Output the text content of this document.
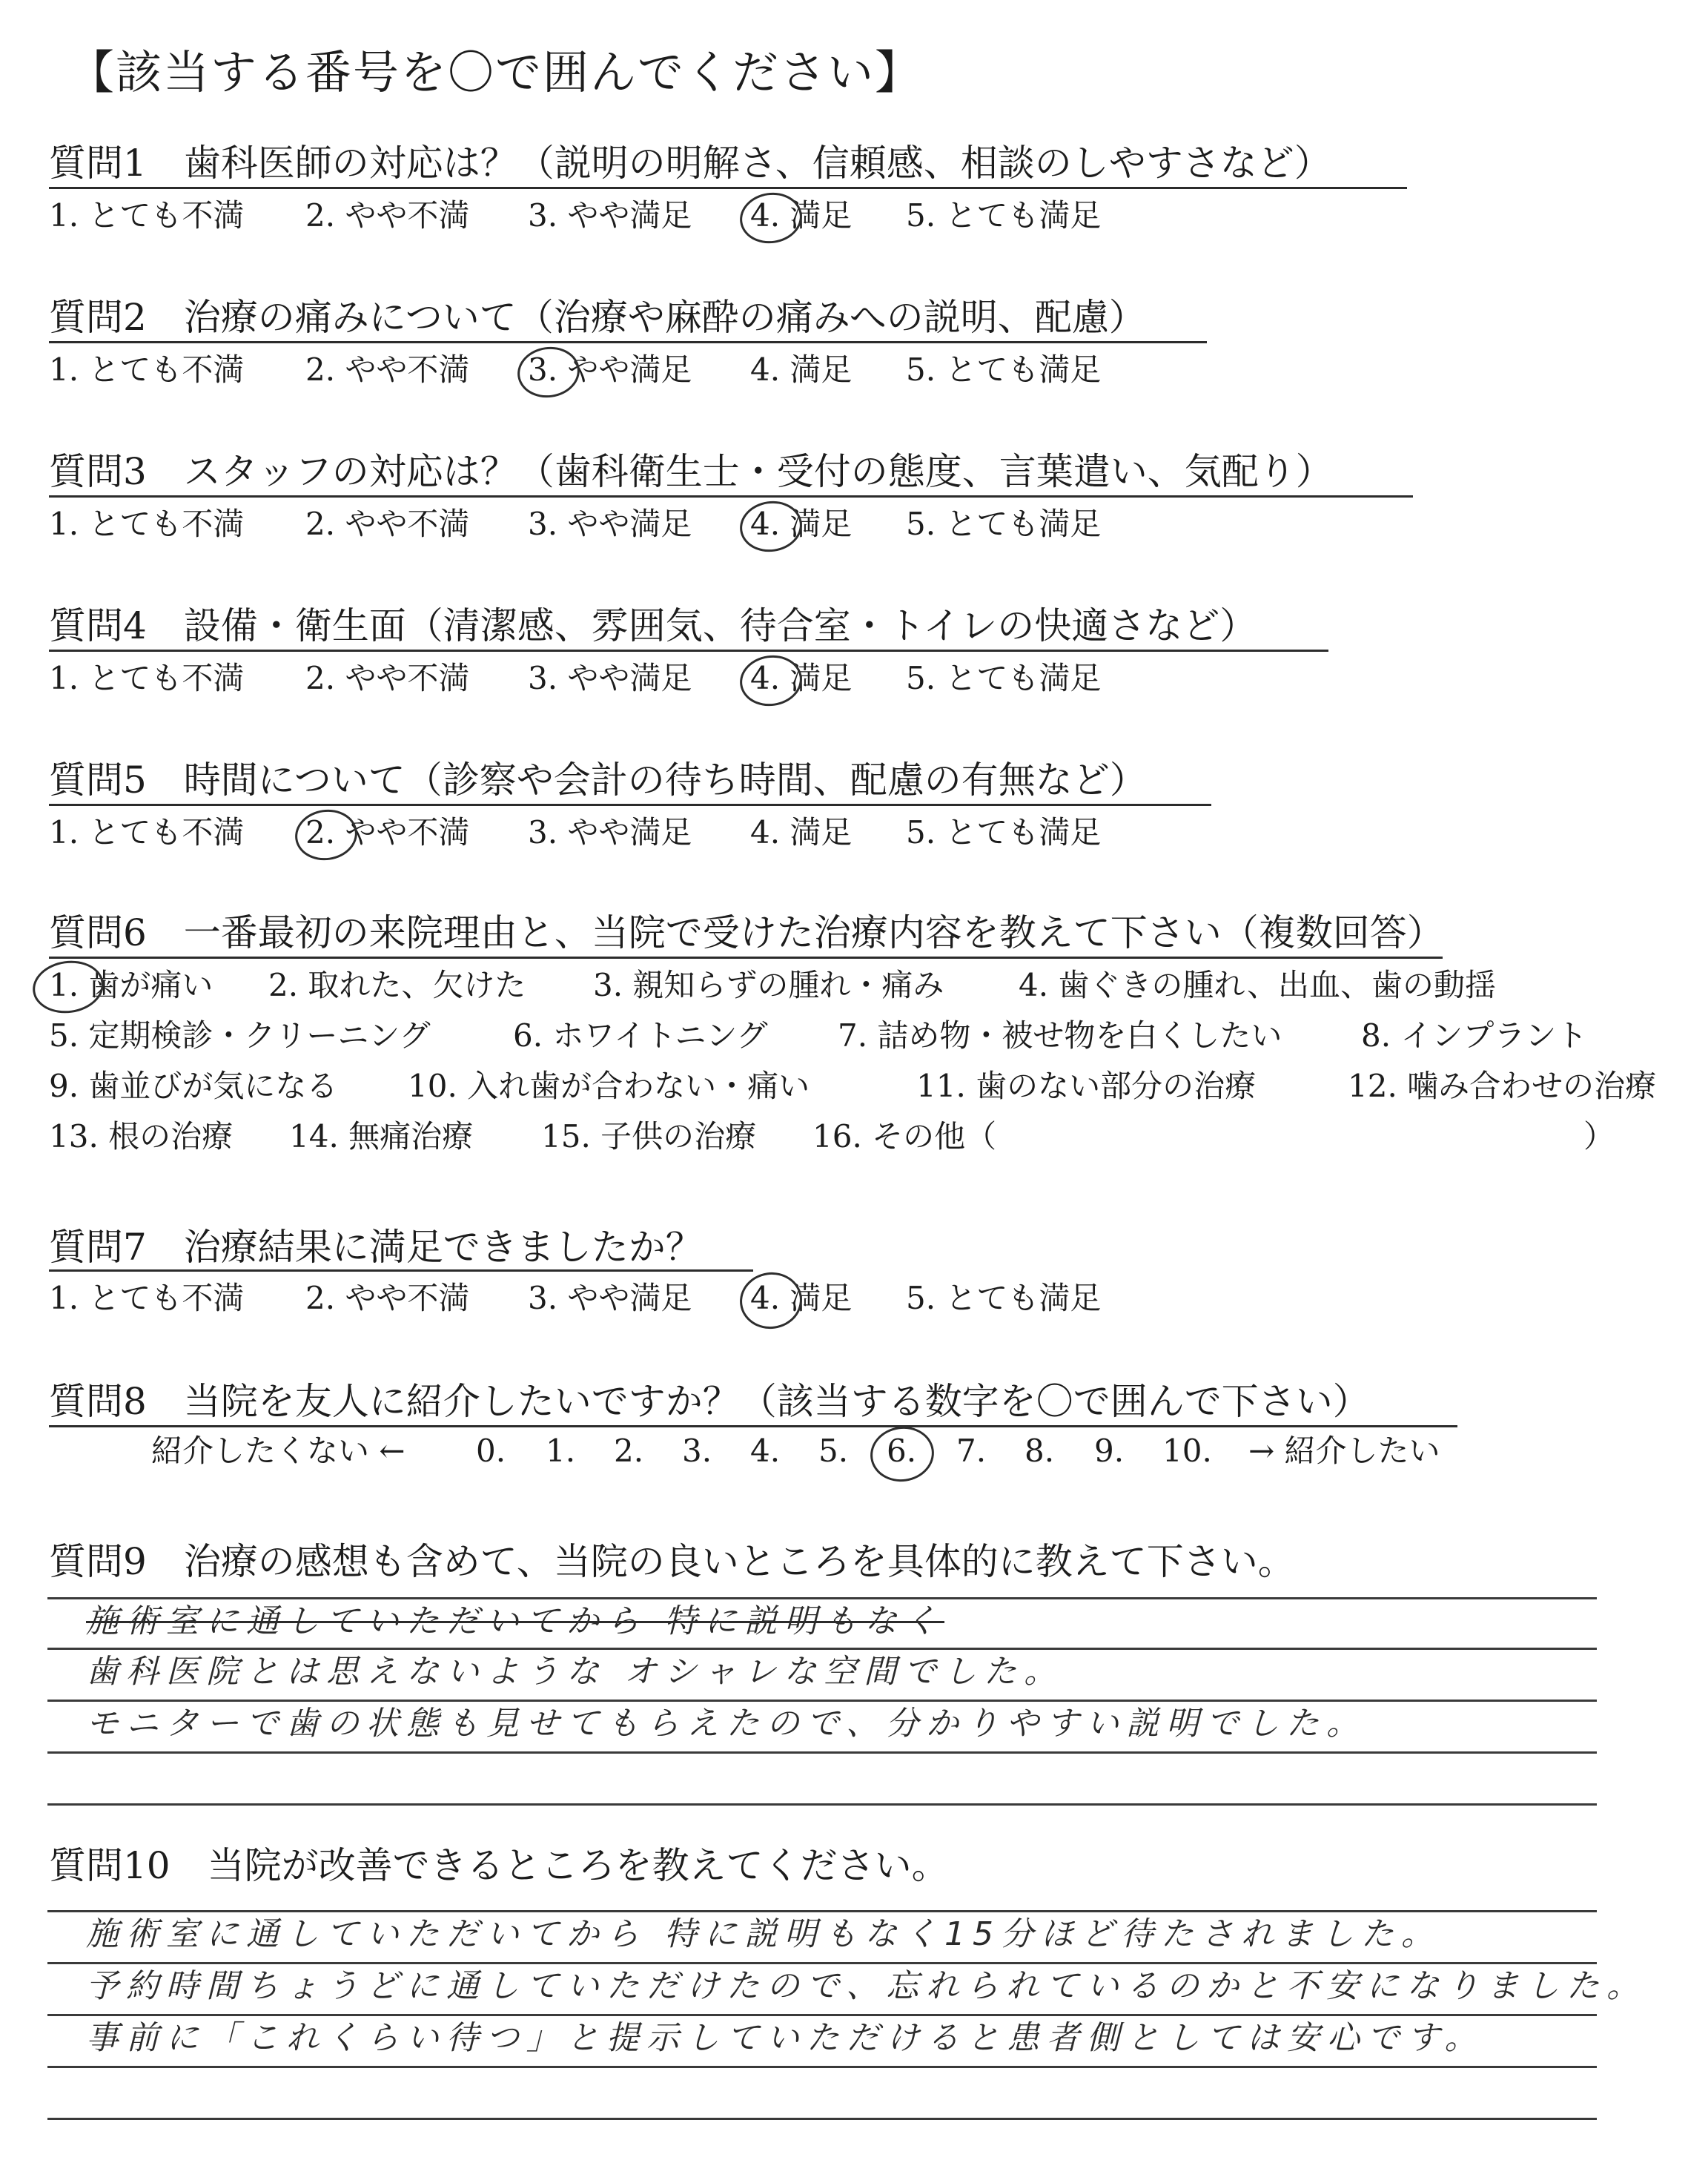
【該当する番号を〇で囲んでください】
質問1　歯科医師の対応は？（説明の明解さ、信頼感、相談のしやすさなど）
1. とても不満 2. やや不満 3. やや満足 4. 満足 5. とても満足
質問2　治療の痛みについて（治療や麻酔の痛みへの説明、配慮）
1. とても不満 2. やや不満 3. やや満足 4. 満足 5. とても満足
質問3　スタッフの対応は？（歯科衛生士・受付の態度、言葉遣い、気配り）
1. とても不満 2. やや不満 3. やや満足 4. 満足 5. とても満足
質問4　設備・衛生面（清潔感、雰囲気、待合室・トイレの快適さなど）
1. とても不満 2. やや不満 3. やや満足 4. 満足 5. とても満足
質問5　時間について（診察や会計の待ち時間、配慮の有無など）
1. とても不満 2. やや不満 3. やや満足 4. 満足 5. とても満足
質問6　一番最初の来院理由と、当院で受けた治療内容を教えて下さい（複数回答）
1. 歯が痛い 2. 取れた、欠けた 3. 親知らずの腫れ・痛み 4. 歯ぐきの腫れ、出血、歯の動揺
5. 定期検診・クリーニング	6. ホワイトニング 7. 詰め物・被せ物を白くしたい	8. インプラント
9. 歯並びが気になる 10. 入れ歯が合わない・痛い	11. 歯のない部分の治療	12. 噛み合わせの治療
13. 根の治療 14. 無痛治療 15. 子供の治療 16. その他（	）
質問7　治療結果に満足できましたか？
1. とても不満 2. やや不満 3. やや満足 4. 満足 5. とても満足
質問8　当院を友人に紹介したいですか？（該当する数字を〇で囲んで下さい）
紹介したくない ← 0. 1. 2. 3. 4. 5. 6. 7. 8. 9. 10. → 紹介したい
質問9　治療の感想も含めて、当院の良いところを具体的に教えて下さい。
施術室に通していただいてから 特に説明もなく
歯科医院とは思えないような オシャレな空間でした。
モニターで歯の状態も見せてもらえたので、分かりやすい説明でした。
質問10　当院が改善できるところを教えてください。
施術室に通していただいてから 特に説明もなく15分ほど待たされました。
予約時間ちょうどに通していただけたので、忘れられているのかと不安になりました。
事前に「これくらい待つ」と提示していただけると患者側としては安心です。
